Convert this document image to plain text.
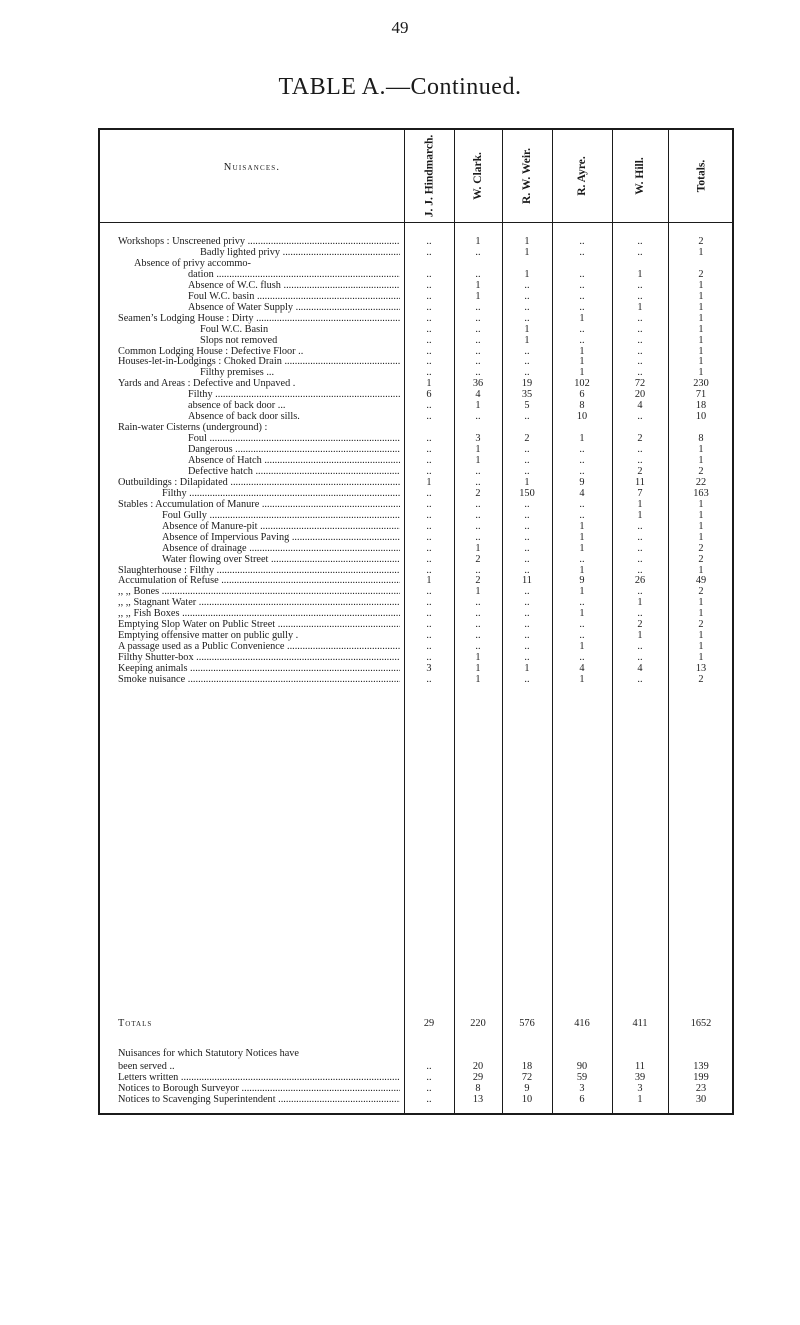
49
TABLE A.—Continued.
Nuisances.	J. J. Hindmarch.	W. Clark.	R. W. Weir.	R. Ayre.	W. Hill.	Totals.
Workshops : Unscreened privy .....	..	1	1	..	..	2
Badly lighted privy .....	..	..	1	..	..	1
Absence of privy accommo-
dation .....	..	..	1	..	1	2
Absence of W.C. flush .....	..	1	..	..	..	1
Foul W.C. basin .....	..	1	..	..	..	1
Absence of Water Supply .....	..	..	..	..	1	1
Seamen’s Lodging House : Dirty .....	..	..	..	1	..	1
Foul W.C. Basin	..	..	1	..	..	1
Slops not removed	..	..	1	..	..	1
Common Lodging House : Defective Floor ..	..	..	..	1	..	1
Houses-let-in-Lodgings : Choked Drain .....	..	..	..	1	..	1
Filthy premises ...	..	..	..	1	..	1
Yards and Areas : Defective and Unpaved .	1	36	19	102	72	230
Filthy .....	6	4	35	6	20	71
absence of back door ...	..	1	5	8	4	18
Absence of back door sills.	..	..	..	10	..	10
Rain-water Cisterns (underground) :
Foul .....	..	3	2	1	2	8
Dangerous .....	..	1	..	..	..	1
Absence of Hatch .....	..	1	..	..	..	1
Defective hatch .....	..	..	..	..	2	2
Outbuildings : Dilapidated .....	1	..	1	9	11	22
Filthy .....	..	2	150	4	7	163
Stables : Accumulation of Manure .....	..	..	..	..	1	1
Foul Gully .....	..	..	..	..	1	1
Absence of Manure-pit .....	..	..	..	1	..	1
Absence of Impervious Paving .....	..	..	..	1	..	1
Absence of drainage .....	..	1	..	1	..	2
Water flowing over Street .....	..	2	..	..	..	2
Slaughterhouse : Filthy .....	..	..	..	1	..	1
Accumulation of Refuse .....	1	2	11	9	26	49
,, ,, Bones .....	..	1	..	1	..	2
,, ,, Stagnant Water .....	..	..	..	..	1	1
,, ,, Fish Boxes .....	..	..	..	1	..	1
Emptying Slop Water on Public Street .....	..	..	..	..	2	2
Emptying offensive matter on public gully .	..	..	..	..	1	1
A passage used as a Public Convenience .....	..	..	..	1	..	1
Filthy Shutter-box .....	..	1	..	..	..	1
Keeping animals .....	3	1	1	4	4	13
Smoke nuisance .....	..	1	..	1	..	2
Totals	29	220	576	416	411	1652
Nuisances for which Statutory Notices have
been served ..	..	20	18	90	11	139
Letters written .....	..	29	72	59	39	199
Notices to Borough Surveyor .....	..	8	9	3	3	23
Notices to Scavenging Superintendent .....	..	13	10	6	1	30
